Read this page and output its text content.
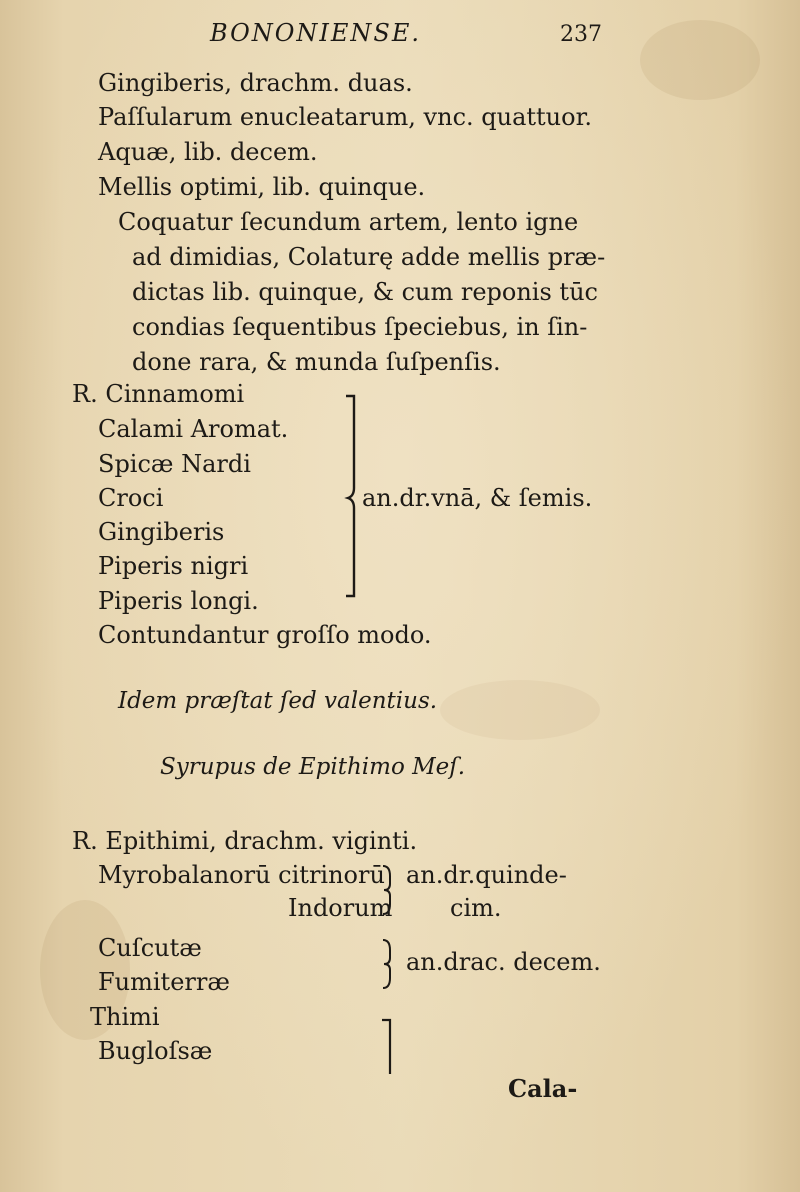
BONONIENSE.	237
Gingiberis, drachm. duas.
Paſſularum enucleatarum, vnc. quattuor.
Aquæ, lib. decem.
Mellis optimi, lib. quinque.
Coquatur ſecundum artem, lento igne
ad dimidias, Colaturę adde mellis præ-
dictas lib. quinque, & cum reponis tūc
condias ſequentibus ſpeciebus, in ſin-
done rara, & munda ſuſpenſis.
R. Cinnamomi
Calami Aromat.
Spicæ Nardi
Croci
Gingiberis
Piperis nigri
Piperis longi.
an.dr.vnā, & ſemis.
Contundantur groſſo modo.
Idem præſtat ſed valentius.
Syrupus de Epithimo Meſ.
R. Epithimi, drachm. viginti.
Myrobalanorū citrinorū an.dr.quinde-
Indorum cim.
Cuſcutæ
Fumiterræ
an.drac. decem.
Thimi
Bugloſsæ
Cala-
